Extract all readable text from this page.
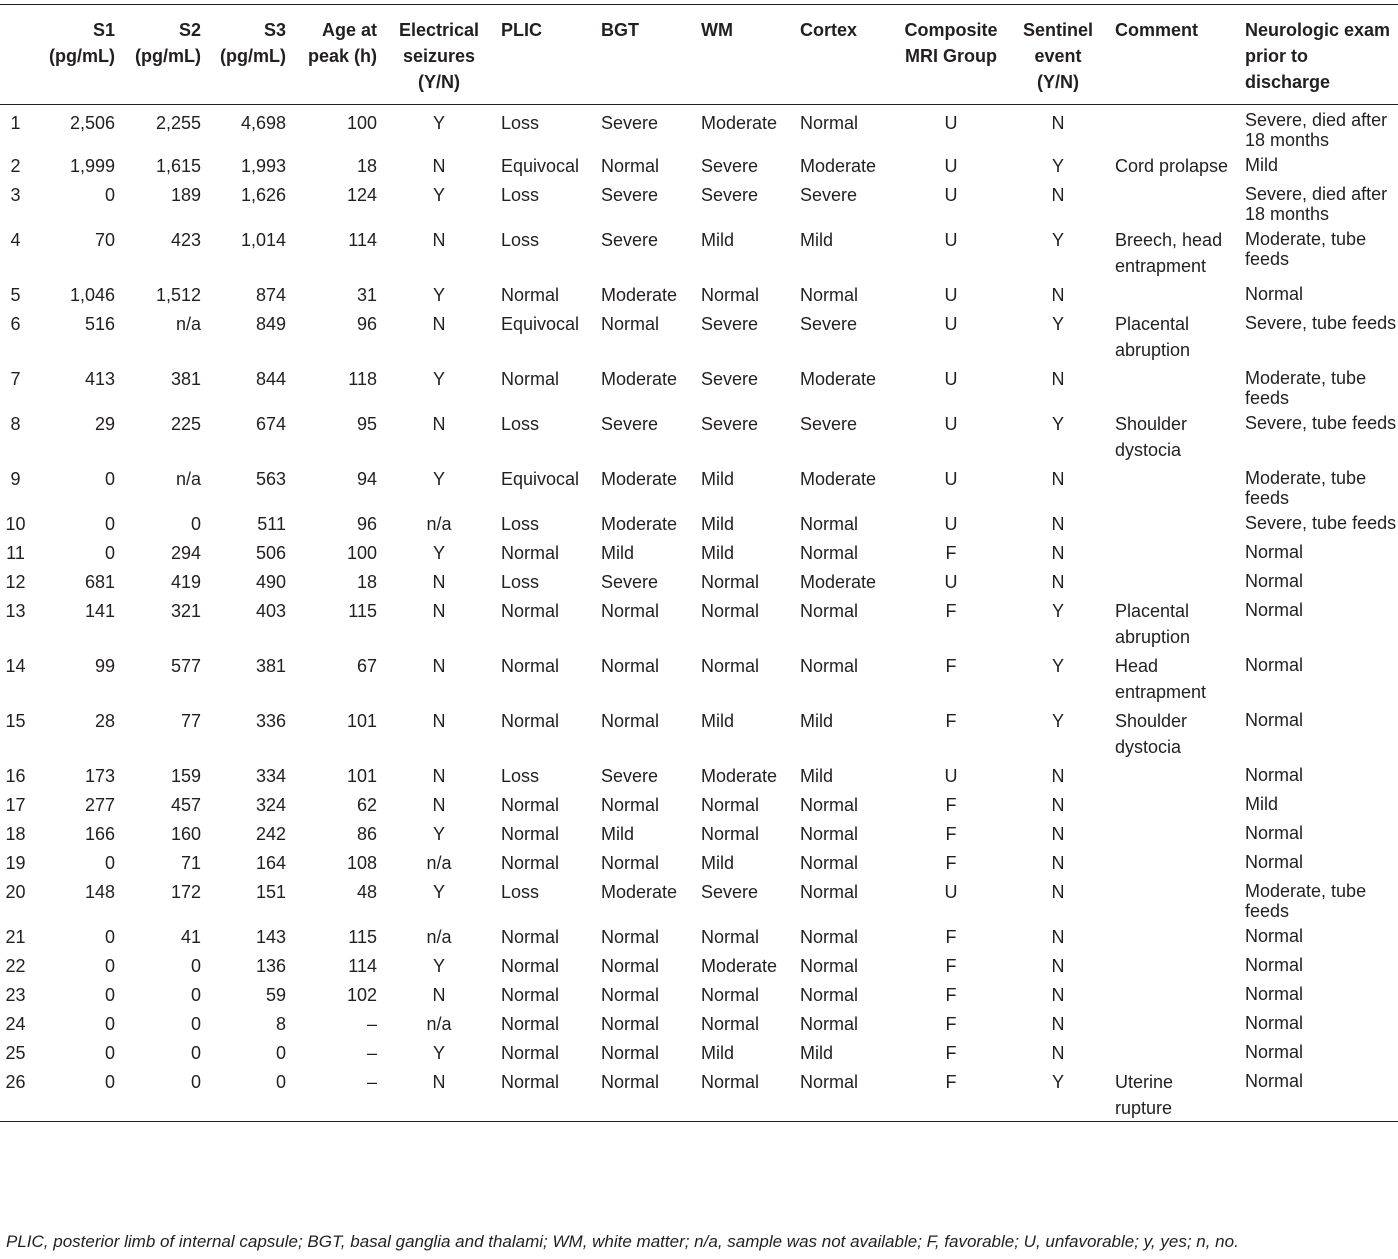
	S1 (pg/mL)	S2 (pg/mL)	S3 (pg/mL)	Age at peak (h)	Electrical seizures (Y/N)	PLIC	BGT	WM	Cortex	Composite MRI Group	Sentinel event (Y/N)	Comment	Neurologic exam prior to discharge
1	2,506	2,255	4,698	100	Y	Loss	Severe	Moderate	Normal	U	N		Severe, died after 18 months
2	1,999	1,615	1,993	18	N	Equivocal	Normal	Severe	Moderate	U	Y	Cord prolapse	Mild
3	0	189	1,626	124	Y	Loss	Severe	Severe	Severe	U	N		Severe, died after 18 months
4	70	423	1,014	114	N	Loss	Severe	Mild	Mild	U	Y	Breech, head entrapment	Moderate, tube feeds
5	1,046	1,512	874	31	Y	Normal	Moderate	Normal	Normal	U	N		Normal
6	516	n/a	849	96	N	Equivocal	Normal	Severe	Severe	U	Y	Placental abruption	Severe, tube feeds
7	413	381	844	118	Y	Normal	Moderate	Severe	Moderate	U	N		Moderate, tube feeds
8	29	225	674	95	N	Loss	Severe	Severe	Severe	U	Y	Shoulder dystocia	Severe, tube feeds
9	0	n/a	563	94	Y	Equivocal	Moderate	Mild	Moderate	U	N		Moderate, tube feeds
10	0	0	511	96	n/a	Loss	Moderate	Mild	Normal	U	N		Severe, tube feeds
11	0	294	506	100	Y	Normal	Mild	Mild	Normal	F	N		Normal
12	681	419	490	18	N	Loss	Severe	Normal	Moderate	U	N		Normal
13	141	321	403	115	N	Normal	Normal	Normal	Normal	F	Y	Placental abruption	Normal
14	99	577	381	67	N	Normal	Normal	Normal	Normal	F	Y	Head entrapment	Normal
15	28	77	336	101	N	Normal	Normal	Mild	Mild	F	Y	Shoulder dystocia	Normal
16	173	159	334	101	N	Loss	Severe	Moderate	Mild	U	N		Normal
17	277	457	324	62	N	Normal	Normal	Normal	Normal	F	N		Mild
18	166	160	242	86	Y	Normal	Mild	Normal	Normal	F	N		Normal
19	0	71	164	108	n/a	Normal	Normal	Mild	Normal	F	N		Normal
20	148	172	151	48	Y	Loss	Moderate	Severe	Normal	U	N		Moderate, tube feeds
21	0	41	143	115	n/a	Normal	Normal	Normal	Normal	F	N		Normal
22	0	0	136	114	Y	Normal	Normal	Moderate	Normal	F	N		Normal
23	0	0	59	102	N	Normal	Normal	Normal	Normal	F	N		Normal
24	0	0	8	–	n/a	Normal	Normal	Normal	Normal	F	N		Normal
25	0	0	0	–	Y	Normal	Normal	Mild	Mild	F	N		Normal
26	0	0	0	–	N	Normal	Normal	Normal	Normal	F	Y	Uterine rupture	Normal
PLIC, posterior limb of internal capsule; BGT, basal ganglia and thalami; WM, white matter; n/a, sample was not available; F, favorable; U, unfavorable; y, yes; n, no.
